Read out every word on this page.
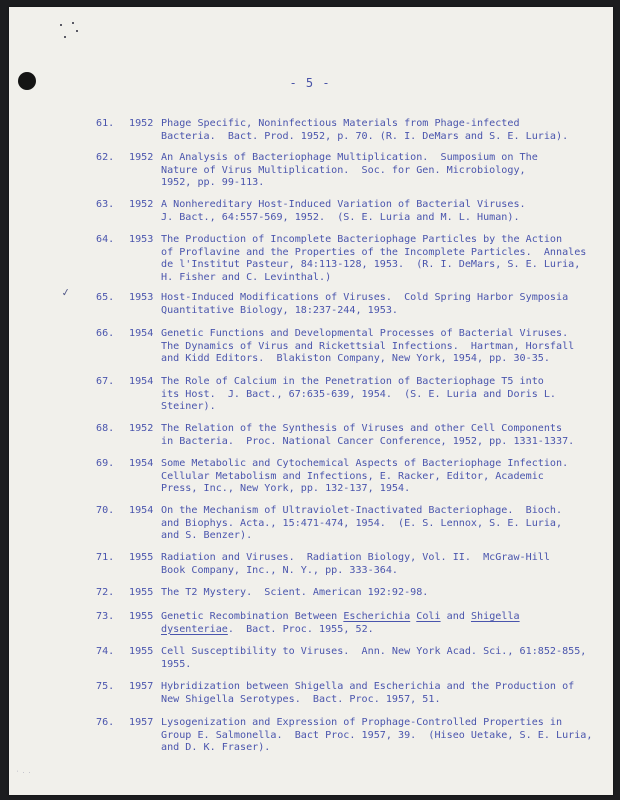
- 5 -
✓
· . .
61.	1952 Phage Specific, Noninfectious Materials from Phage-infected
Bacteria.  Bact. Prod. 1952, p. 70. (R. I. DeMars and S. E. Luria).
62.	1952 An Analysis of Bacteriophage Multiplication.  Sumposium on The
Nature of Virus Multiplication.  Soc. for Gen. Microbiology,
1952, pp. 99-113.
63.	1952 A Nonhereditary Host-Induced Variation of Bacterial Viruses.
J. Bact., 64:557-569, 1952.  (S. E. Luria and M. L. Human).
64.	1953 The Production of Incomplete Bacteriophage Particles by the Action
of Proflavine and the Properties of the Incomplete Particles.  Annales
de l'Institut Pasteur, 84:113-128, 1953.  (R. I. DeMars, S. E. Luria,
H. Fisher and C. Levinthal.)
65.	1953 Host-Induced Modifications of Viruses.  Cold Spring Harbor Symposia
Quantitative Biology, 18:237-244, 1953.
66.	1954 Genetic Functions and Developmental Processes of Bacterial Viruses.
The Dynamics of Virus and Rickettsial Infections.  Hartman, Horsfall
and Kidd Editors.  Blakiston Company, New York, 1954, pp. 30-35.
67.	1954 The Role of Calcium in the Penetration of Bacteriophage T5 into
its Host.  J. Bact., 67:635-639, 1954.  (S. E. Luria and Doris L.
Steiner).
68.	1952 The Relation of the Synthesis of Viruses and other Cell Components
in Bacteria.  Proc. National Cancer Conference, 1952, pp. 1331-1337.
69.	1954 Some Metabolic and Cytochemical Aspects of Bacteriophage Infection.
Cellular Metabolism and Infections, E. Racker, Editor, Academic
Press, Inc., New York, pp. 132-137, 1954.
70.	1954 On the Mechanism of Ultraviolet-Inactivated Bacteriophage.  Bioch.
and Biophys. Acta., 15:471-474, 1954.  (E. S. Lennox, S. E. Luria,
and S. Benzer).
71.	1955 Radiation and Viruses.  Radiation Biology, Vol. II.  McGraw-Hill
Book Company, Inc., N. Y., pp. 333-364.
72.	1955 The T2 Mystery.  Scient. American 192:92-98.
73.	1955 Genetic Recombination Between Escherichia Coli and Shigella
dysenteriae. Bact. Proc. 1955, 52.
74.	1955 Cell Susceptibility to Viruses.  Ann. New York Acad. Sci., 61:852-855,
1955.
75.	1957 Hybridization between Shigella and Escherichia and the Production of
New Shigella Serotypes.  Bact. Proc. 1957, 51.
76.	1957 Lysogenization and Expression of Prophage-Controlled Properties in
Group E. Salmonella.  Bact Proc. 1957, 39.  (Hiseo Uetake, S. E. Luria,
and D. K. Fraser).
